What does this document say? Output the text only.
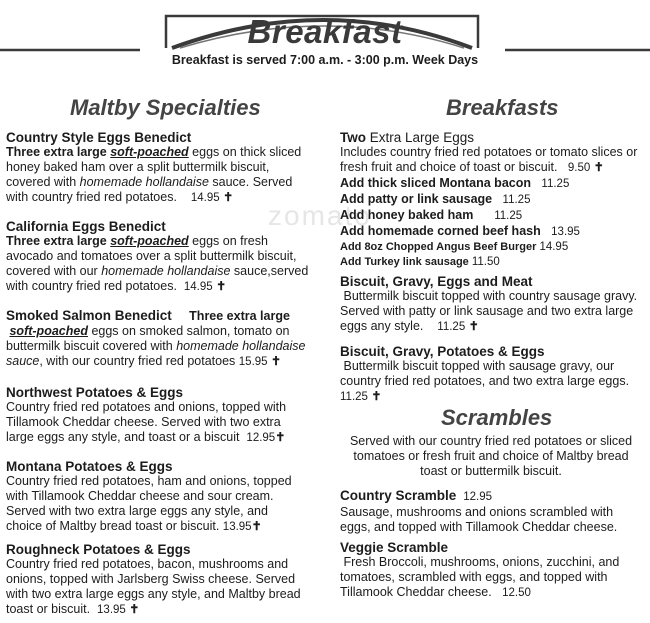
Breakfast
Breakfast is served 7:00 a.m. - 3:00 p.m. Week Days
zomato
Maltby Specialties
Country Style Eggs Benedict
Three extra large soft-poached eggs on thick sliced honey baked ham over a split buttermilk biscuit, covered with homemade hollandaise sauce. Served with country fried red potatoes. 14.95 ✝
California Eggs Benedict
Three extra large soft-poached eggs on fresh avocado and tomatoes over a split buttermilk biscuit, covered with our homemade hollandaise sauce,served with country fried red potatoes. 14.95 ✝
Smoked Salmon Benedict Three extra large
soft-poached eggs on smoked salmon, tomato on buttermilk biscuit covered with homemade hollandaise sauce, with our country fried red potatoes 15.95 ✝
Northwest Potatoes & Eggs
Country fried red potatoes and onions, topped with Tillamook Cheddar cheese. Served with two extra large eggs any style, and toast or a biscuit 12.95✝
Montana Potatoes & Eggs
Country fried red potatoes, ham and onions, topped with Tillamook Cheddar cheese and sour cream. Served with two extra large eggs any style, and choice of Maltby bread toast or biscuit. 13.95✝
Roughneck Potatoes & Eggs
Country fried red potatoes, bacon, mushrooms and onions, topped with Jarlsberg Swiss cheese. Served with two extra large eggs any style, and Maltby bread toast or biscuit. 13.95 ✝
Breakfasts
Two Extra Large Eggs
Includes country fried red potatoes or tomato slices or fresh fruit and choice of toast or biscuit. 9.50 ✝
Add thick sliced Montana bacon 11.25
Add patty or link sausage 11.25
Add honey baked ham 11.25
Add homemade corned beef hash 13.95
Add 8oz Chopped Angus Beef Burger 14.95
Add Turkey link sausage 11.50
Biscuit, Gravy, Eggs and Meat
Buttermilk biscuit topped with country sausage gravy. Served with patty or link sausage and two extra large eggs any style. 11.25 ✝
Biscuit, Gravy, Potatoes & Eggs
Buttermilk biscuit topped with sausage gravy, our country fried red potatoes, and two extra large eggs. 11.25 ✝
Scrambles
Served with our country fried red potatoes or sliced tomatoes or fresh fruit and choice of Maltby bread toast or buttermilk biscuit.
Country Scramble 12.95
Sausage, mushrooms and onions scrambled with eggs, and topped with Tillamook Cheddar cheese.
Veggie Scramble
Fresh Broccoli, mushrooms, onions, zucchini, and tomatoes, scrambled with eggs, and topped with Tillamook Cheddar cheese. 12.50
